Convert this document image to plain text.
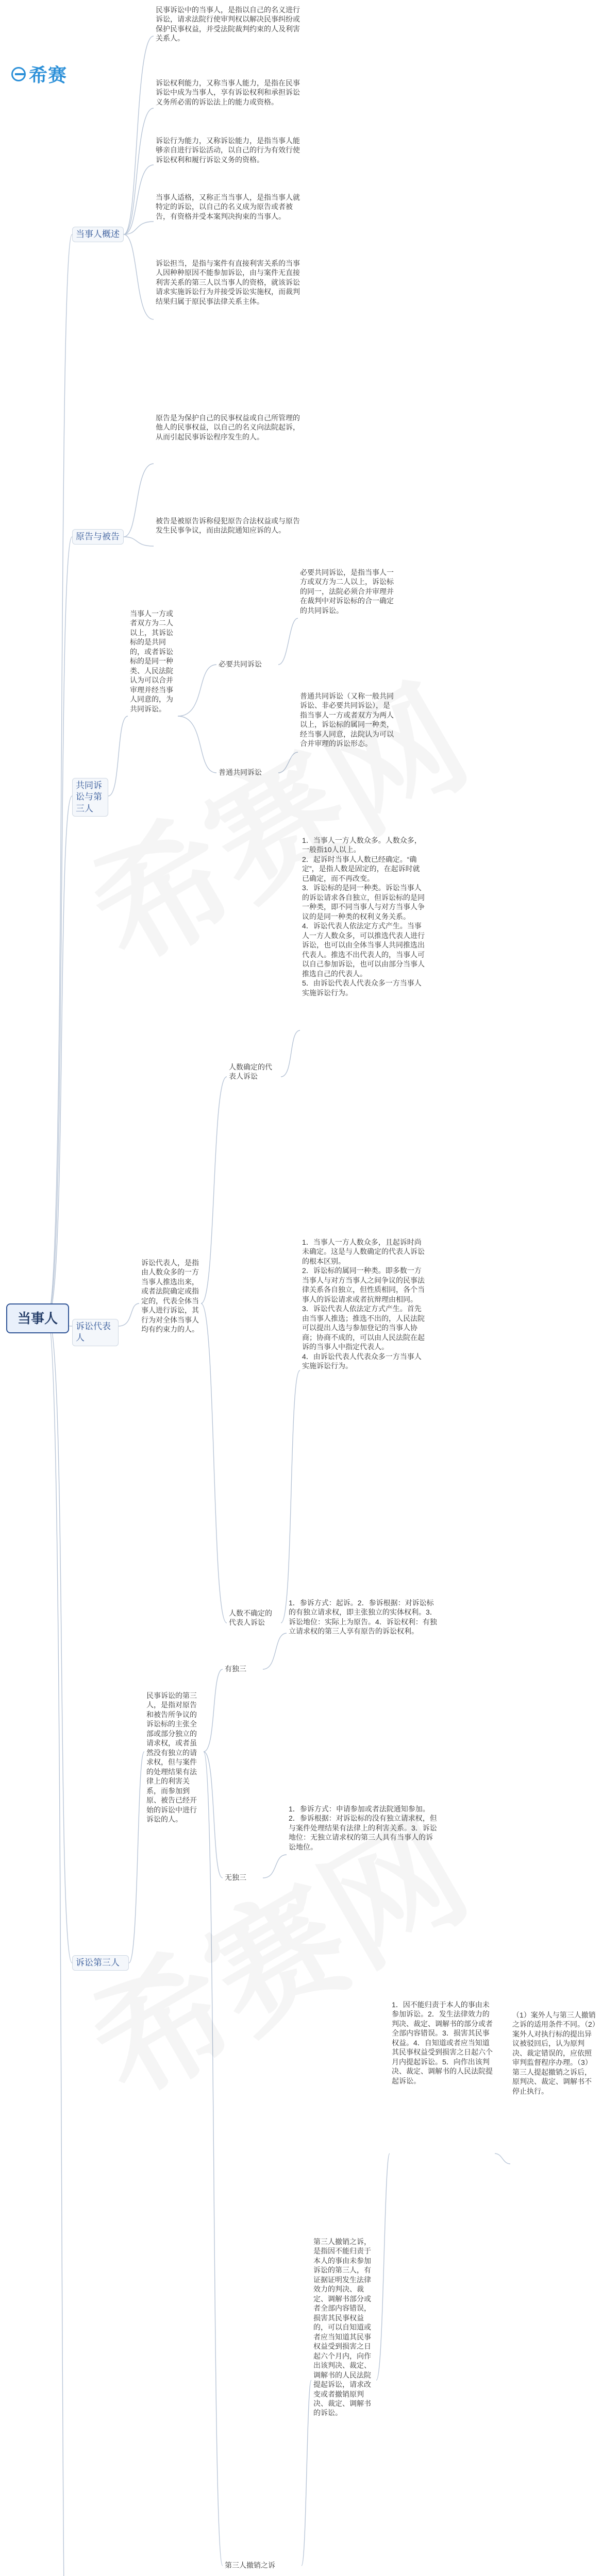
希赛
当事人
当事人概述
民事诉讼中的当事人，是指以自己的名义进行诉讼，请求法院行使审判权以解决民事纠纷或保护民事权益，并受法院裁判约束的人及利害关系人。
诉讼权利能力，又称当事人能力，是指在民事诉讼中成为当事人，享有诉讼权利和承担诉讼义务所必需的诉讼法上的能力或资格。
诉讼行为能力，又称诉讼能力，是指当事人能够亲自进行诉讼活动，以自己的行为有效行使诉讼权利和履行诉讼义务的资格。
当事人适格，又称正当当事人，是指当事人就特定的诉讼，以自己的名义成为原告或者被告，有资格并受本案判决拘束的当事人。
诉讼担当，是指与案件有直接利害关系的当事人因种种原因不能参加诉讼，由与案件无直接利害关系的第三人以当事人的资格，就该诉讼请求实施诉讼行为并接受诉讼实施权，而裁判结果归属于原民事法律关系主体。
原告与被告
原告是为保护自己的民事权益或自己所管理的他人的民事权益，以自己的名义向法院起诉，从而引起民事诉讼程序发生的人。
被告是被原告诉称侵犯原告合法权益或与原告发生民事争议，而由法院通知应诉的人。
共同诉讼与第三人
当事人一方或者双方为二人以上，其诉讼标的是共同的，或者诉讼标的是同一种类、人民法院认为可以合并审理并经当事人同意的，为共同诉讼。
必要共同诉讼
必要共同诉讼，是指当事人一方或双方为二人以上，诉讼标的同一，法院必须合并审理并在裁判中对诉讼标的合一确定的共同诉讼。
普通共同诉讼
普通共同诉讼（又称一般共同诉讼、非必要共同诉讼），是指当事人一方或者双方为两人以上，诉讼标的属同一种类，经当事人同意，法院认为可以合并审理的诉讼形态。
诉讼代表人
诉讼代表人，是指由人数众多的一方当事人推选出来，或者法院确定或指定的，代表全体当事人进行诉讼，其行为对全体当事人均有约束力的人。
人数确定的代表人诉讼
1．当事人一方人数众多。人数众多，一般指10人以上。
2．起诉时当事人人数已经确定。“确定”，是指人数是固定的，在起诉时就已确定，而不再改变。
3．诉讼标的是同一种类。诉讼当事人的诉讼请求各自独立，但诉讼标的是同一种类，即不同当事人与对方当事人争议的是同一种类的权利义务关系。
4．诉讼代表人依法定方式产生。当事人一方人数众多，可以推选代表人进行诉讼，也可以由全体当事人共同推选出代表人。推选不出代表人的，当事人可以自己参加诉讼，也可以由部分当事人推选自己的代表人。
5．由诉讼代表人代表众多一方当事人实施诉讼行为。
人数不确定的代表人诉讼
1．当事人一方人数众多，且起诉时尚未确定。这是与人数确定的代表人诉讼的根本区别。
2．诉讼标的属同一种类。即多数一方当事人与对方当事人之间争议的民事法律关系各自独立，但性质相同，各个当事人的诉讼请求或者抗辩理由相同。
3．诉讼代表人依法定方式产生。首先由当事人推选；推选不出的，人民法院可以提出人选与参加登记的当事人协商；协商不成的，可以由人民法院在起诉的当事人中指定代表人。
4．由诉讼代表人代表众多一方当事人实施诉讼行为。
诉讼第三人
民事诉讼的第三人，是指对原告和被告所争议的诉讼标的主张全部或部分独立的请求权，或者虽然没有独立的请求权，但与案件的处理结果有法律上的利害关系，而参加到原、被告已经开始的诉讼中进行诉讼的人。
有独三
1．参诉方式：起诉。2．参诉根据：对诉讼标的有独立请求权，即主张独立的实体权利。3．诉讼地位：实际上为原告。4．诉讼权利：有独立请求权的第三人享有原告的诉讼权利。
无独三
1．参诉方式：申请参加或者法院通知参加。2．参诉根据：对诉讼标的没有独立请求权，但与案件处理结果有法律上的利害关系。3．诉讼地位：无独立请求权的第三人具有当事人的诉讼地位。
第三人撤销之诉
第三人撤销之诉，是指因不能归责于本人的事由未参加诉讼的第三人，有证据证明发生法律效力的判决、裁定、调解书部分或者全部内容错误，损害其民事权益的，可以自知道或者应当知道其民事权益受到损害之日起六个月内，向作出该判决、裁定、调解书的人民法院提起诉讼，请求改变或者撤销原判决、裁定、调解书的诉讼。
1．因不能归责于本人的事由未参加诉讼。2．发生法律效力的判决、裁定、调解书的部分或者全部内容错误。3．损害其民事权益。4．自知道或者应当知道其民事权益受到损害之日起六个月内提起诉讼。5．向作出该判决、裁定、调解书的人民法院提起诉讼。
（1）案外人与第三人撤销之诉的适用条件不同。（2）案外人对执行标的提出异议被驳回后，认为原判决、裁定错误的，应依照审判监督程序办理。（3）第三人提起撤销之诉后，原判决、裁定、调解书不停止执行。
